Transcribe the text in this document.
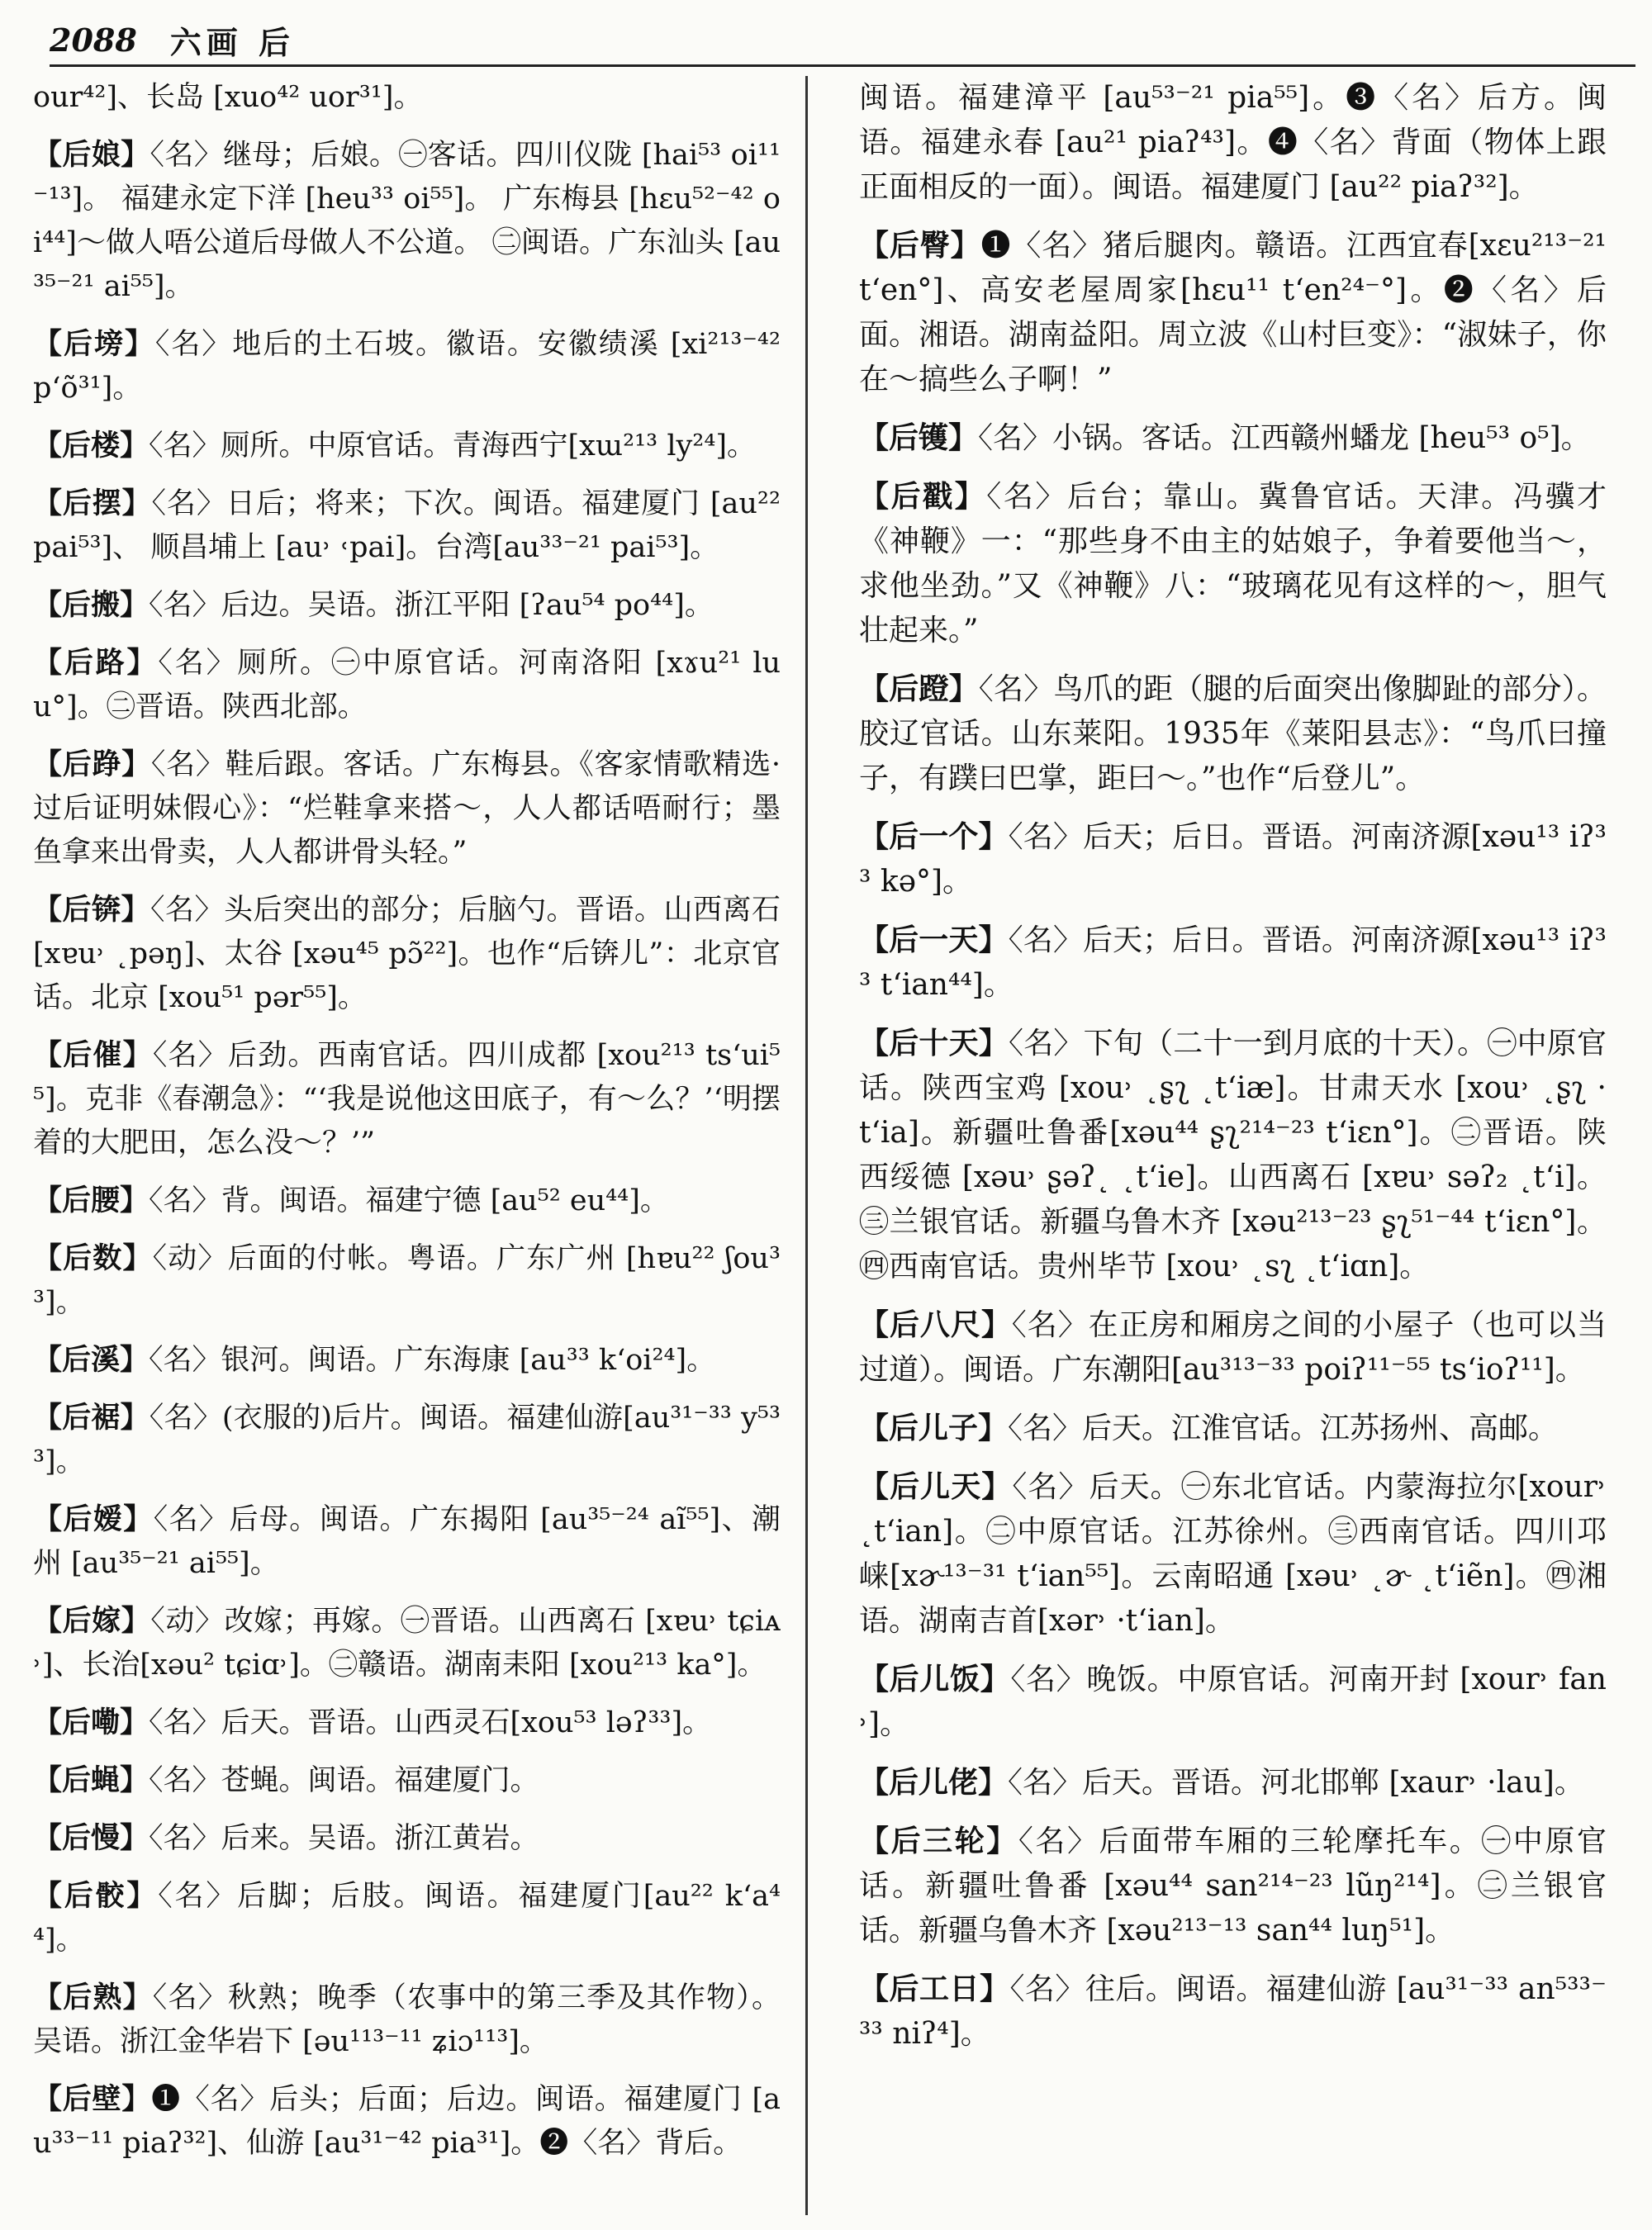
2088 六画 后

our⁴²]、长岛 [xuo⁴² uor³¹]。

【后娘】〈名〉继母；后娘。㊀客话。四川仪陇 [hai⁵³ oi¹¹⁻¹³]。 福建永定下洋 [heu³³ oi⁵⁵]。 广东梅县 [hɛu⁵²⁻⁴² oi⁴⁴]～做人唔公道后母做人不公道。 ㊁闽语。广东汕头 [au³⁵⁻²¹ ai⁵⁵]。

【后塝】〈名〉地后的土石坡。徽语。安徽绩溪 [xi²¹³⁻⁴² p‘õ³¹]。

【后楼】〈名〉厕所。中原官话。青海西宁[xɯ²¹³ ly²⁴]。

【后摆】〈名〉日后；将来；下次。闽语。福建厦门 [au²² pai⁵³]、 顺昌埔上 [au˒ ˓pai]。台湾[au³³⁻²¹ pai⁵³]。

【后搬】〈名〉后边。吴语。浙江平阳 [ʔau⁵⁴ po⁴⁴]。

【后路】〈名〉厕所。㊀中原官话。河南洛阳 [xɤu²¹ luu°]。㊁晋语。陕西北部。

【后踭】〈名〉鞋后跟。客话。广东梅县。《客家情歌精选·过后证明妹假心》：“烂鞋拿来搭～，人人都话唔耐行；墨鱼拿来出骨卖，人人都讲骨头轻。”

【后锛】〈名〉头后突出的部分；后脑勺。晋语。山西离石 [xɐu˒ ˛pəŋ]、太谷 [xəu⁴⁵ pɔ̃²²]。也作“后锛儿”：北京官话。北京 [xou⁵¹ pər⁵⁵]。

【后催】〈名〉后劲。西南官话。四川成都 [xou²¹³ ts‘ui⁵⁵]。克非《春潮急》：“‘我是说他这田底子，有～么？’‘明摆着的大肥田，怎么没～？’”

【后腰】〈名〉背。闽语。福建宁德 [au⁵² eu⁴⁴]。

【后数】〈动〉后面的付帐。粤语。广东广州 [hɐu²² ʃou³³]。

【后溪】〈名〉银河。闽语。广东海康 [au³³ k‘oi²⁴]。

【后裾】〈名〉(衣服的)后片。闽语。福建仙游[au³¹⁻³³ y⁵³³]。

【后嫒】〈名〉后母。闽语。广东揭阳 [au³⁵⁻²⁴ aĩ⁵⁵]、潮州 [au³⁵⁻²¹ ai⁵⁵]。

【后嫁】〈动〉改嫁；再嫁。㊀晋语。山西离石 [xɐu˒ tɕiᴀ˒]、长治[xəu² tɕiɑ˒]。㊁赣语。湖南耒阳 [xou²¹³ ka°]。

【后嘞】〈名〉后天。晋语。山西灵石[xou⁵³ ləʔ³³]。

【后蝇】〈名〉苍蝇。闽语。福建厦门。

【后慢】〈名〉后来。吴语。浙江黄岩。

【后骹】〈名〉后脚；后肢。闽语。福建厦门[au²² k‘a⁴⁴]。

【后熟】〈名〉秋熟；晚季（农事中的第三季及其作物）。吴语。浙江金华岩下 [əu¹¹³⁻¹¹ ʑiɔ¹¹³]。

【后壁】❶〈名〉后头；后面；后边。闽语。福建厦门 [au³³⁻¹¹ piaʔ³²]、仙游 [au³¹⁻⁴² pia³¹]。❷〈名〉背后。

闽语。福建漳平 [au⁵³⁻²¹ pia⁵⁵]。❸〈名〉后方。闽语。福建永春 [au²¹ piaʔ⁴³]。❹〈名〉背面（物体上跟正面相反的一面）。闽语。福建厦门 [au²² piaʔ³²]。

【后臀】❶〈名〉猪后腿肉。赣语。江西宜春[xɛu²¹³⁻²¹ t‘en°]、高安老屋周家[hɛu¹¹ t‘en²⁴⁻°]。❷〈名〉后面。湘语。湖南益阳。周立波《山村巨变》：“淑妹子，你在～搞些么子啊！”

【后镬】〈名〉小锅。客话。江西赣州蟠龙 [heu⁵³ o⁵]。

【后戳】〈名〉后台；靠山。冀鲁官话。天津。冯骥才《神鞭》一：“那些身不由主的姑娘子，争着要他当～，求他坐劲。”又《神鞭》八：“玻璃花见有这样的～，胆气壮起来。”

【后蹬】〈名〉鸟爪的距（腿的后面突出像脚趾的部分）。胶辽官话。山东莱阳。1935年《莱阳县志》：“鸟爪曰撞子，有蹼曰巴掌，距曰～。”也作“后登儿”。

【后一个】〈名〉后天；后日。晋语。河南济源[xəu¹³ iʔ³³ kə°]。

【后一天】〈名〉后天；后日。晋语。河南济源[xəu¹³ iʔ³³ t‘ian⁴⁴]。

【后十天】〈名〉下旬（二十一到月底的十天）。㊀中原官话。陕西宝鸡 [xou˒ ˛ʂʅ ˛t‘iæ]。甘肃天水 [xou˒ ˛ʂʅ ·t‘ia]。新疆吐鲁番[xəu⁴⁴ ʂʅ²¹⁴⁻²³ t‘iɛn°]。㊁晋语。陕西绥德 [xəu˒ ʂəʔ˛ ˛t‘ie]。山西离石 [xɐu˒ səʔ₂ ˛t‘i]。㊂兰银官话。新疆乌鲁木齐 [xəu²¹³⁻²³ ʂʅ⁵¹⁻⁴⁴ t‘iɛn°]。㊃西南官话。贵州毕节 [xou˒ ˛sʅ ˛t‘iɑn]。

【后八尺】〈名〉在正房和厢房之间的小屋子（也可以当过道）。闽语。广东潮阳[au³¹³⁻³³ poiʔ¹¹⁻⁵⁵ ts‘ioʔ¹¹]。

【后儿子】〈名〉后天。江淮官话。江苏扬州、高邮。

【后儿天】〈名〉后天。㊀东北官话。内蒙海拉尔[xour˒ ˛t‘ian]。㊁中原官话。江苏徐州。㊂西南官话。四川邛崃[xɚ¹³⁻³¹ t‘ian⁵⁵]。云南昭通 [xəu˒ ˛ɚ ˛t‘iẽn]。㊃湘语。湖南吉首[xər˒ ·t‘ian]。

【后儿饭】〈名〉晚饭。中原官话。河南开封 [xour˒ fan˒]。

【后儿佬】〈名〉后天。晋语。河北邯郸 [xaur˒ ·lau]。

【后三轮】〈名〉后面带车厢的三轮摩托车。㊀中原官话。新疆吐鲁番 [xəu⁴⁴ san²¹⁴⁻²³ lũŋ²¹⁴]。㊁兰银官话。新疆乌鲁木齐 [xəu²¹³⁻¹³ san⁴⁴ luŋ⁵¹]。

【后工日】〈名〉往后。闽语。福建仙游 [au³¹⁻³³ an⁵³³⁻³³ niʔ⁴]。
